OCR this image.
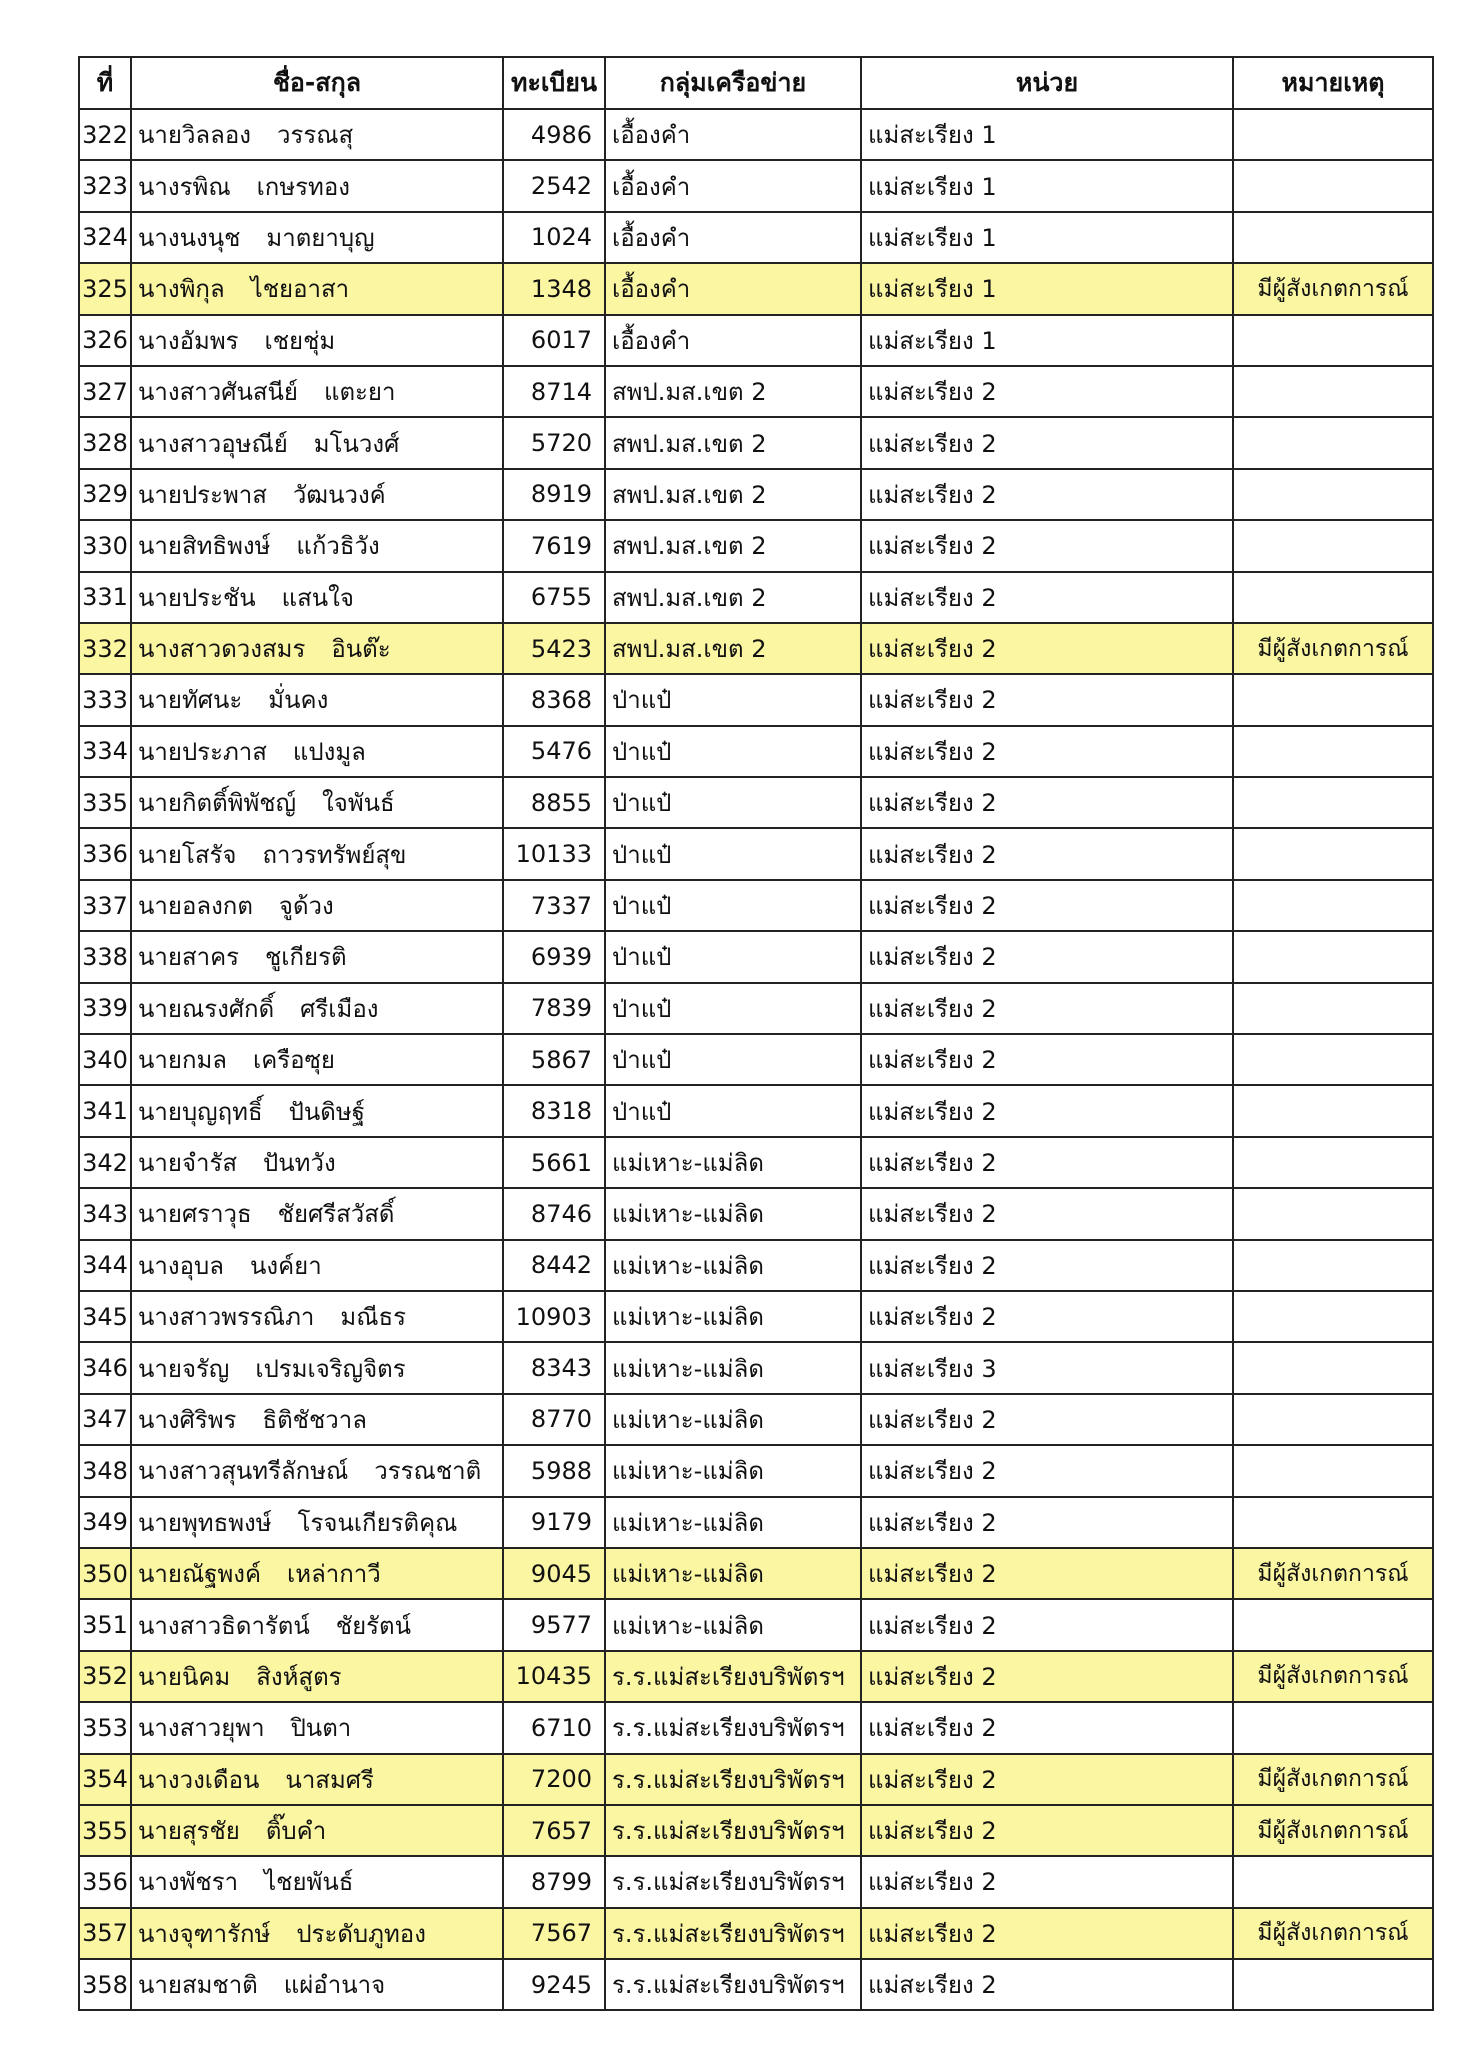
ที่	ชื่อ-สกุล	ทะเบียน	กลุ่มเครือข่าย	หน่วย	หมายเหตุ
322	นายวิลลอง วรรณสุ	4986	เอื้องคำ	แม่สะเรียง 1	
323	นางรพิณ เกษรทอง	2542	เอื้องคำ	แม่สะเรียง 1	
324	นางนงนุช มาตยาบุญ	1024	เอื้องคำ	แม่สะเรียง 1	
325	นางพิกุล ไชยอาสา	1348	เอื้องคำ	แม่สะเรียง 1	มีผู้สังเกตการณ์
326	นางอัมพร เชยชุ่ม	6017	เอื้องคำ	แม่สะเรียง 1	
327	นางสาวศันสนีย์ แตะยา	8714	สพป.มส.เขต 2	แม่สะเรียง 2	
328	นางสาวอุษณีย์ มโนวงศ์	5720	สพป.มส.เขต 2	แม่สะเรียง 2	
329	นายประพาส วัฒนวงค์	8919	สพป.มส.เขต 2	แม่สะเรียง 2	
330	นายสิทธิพงษ์ แก้วธิวัง	7619	สพป.มส.เขต 2	แม่สะเรียง 2	
331	นายประชัน แสนใจ	6755	สพป.มส.เขต 2	แม่สะเรียง 2	
332	นางสาวดวงสมร อินต๊ะ	5423	สพป.มส.เขต 2	แม่สะเรียง 2	มีผู้สังเกตการณ์
333	นายทัศนะ มั่นคง	8368	ป่าแป๋	แม่สะเรียง 2	
334	นายประภาส แปงมูล	5476	ป่าแป๋	แม่สะเรียง 2	
335	นายกิตติ์พิพัชญ์ ใจพันธ์	8855	ป่าแป๋	แม่สะเรียง 2	
336	นายโสรัจ ถาวรทรัพย์สุข	10133	ป่าแป๋	แม่สะเรียง 2	
337	นายอลงกต จูด้วง	7337	ป่าแป๋	แม่สะเรียง 2	
338	นายสาคร ชูเกียรติ	6939	ป่าแป๋	แม่สะเรียง 2	
339	นายณรงศักดิ์ ศรีเมือง	7839	ป่าแป๋	แม่สะเรียง 2	
340	นายกมล เครือซุย	5867	ป่าแป๋	แม่สะเรียง 2	
341	นายบุญฤทธิ์ ปันดิษฐ์	8318	ป่าแป๋	แม่สะเรียง 2	
342	นายจำรัส ปันทวัง	5661	แม่เหาะ-แม่ลิด	แม่สะเรียง 2	
343	นายศราวุธ ชัยศรีสวัสดิ์	8746	แม่เหาะ-แม่ลิด	แม่สะเรียง 2	
344	นางอุบล นงค์ยา	8442	แม่เหาะ-แม่ลิด	แม่สะเรียง 2	
345	นางสาวพรรณิภา มณีธร	10903	แม่เหาะ-แม่ลิด	แม่สะเรียง 2	
346	นายจรัญ เปรมเจริญจิตร	8343	แม่เหาะ-แม่ลิด	แม่สะเรียง 3	
347	นางศิริพร ธิติชัชวาล	8770	แม่เหาะ-แม่ลิด	แม่สะเรียง 2	
348	นางสาวสุนทรีลักษณ์ วรรณชาติ	5988	แม่เหาะ-แม่ลิด	แม่สะเรียง 2	
349	นายพุทธพงษ์ โรจนเกียรติคุณ	9179	แม่เหาะ-แม่ลิด	แม่สะเรียง 2	
350	นายณัฐพงค์ เหล่ากาวี	9045	แม่เหาะ-แม่ลิด	แม่สะเรียง 2	มีผู้สังเกตการณ์
351	นางสาวธิดารัตน์ ชัยรัตน์	9577	แม่เหาะ-แม่ลิด	แม่สะเรียง 2	
352	นายนิคม สิงห์สูตร	10435	ร.ร.แม่สะเรียงบริพัตรฯ	แม่สะเรียง 2	มีผู้สังเกตการณ์
353	นางสาวยุพา ปินตา	6710	ร.ร.แม่สะเรียงบริพัตรฯ	แม่สะเรียง 2	
354	นางวงเดือน นาสมศรี	7200	ร.ร.แม่สะเรียงบริพัตรฯ	แม่สะเรียง 2	มีผู้สังเกตการณ์
355	นายสุรชัย ติ๊บคำ	7657	ร.ร.แม่สะเรียงบริพัตรฯ	แม่สะเรียง 2	มีผู้สังเกตการณ์
356	นางพัชรา ไชยพันธ์	8799	ร.ร.แม่สะเรียงบริพัตรฯ	แม่สะเรียง 2	
357	นางจุฑารักษ์ ประดับภูทอง	7567	ร.ร.แม่สะเรียงบริพัตรฯ	แม่สะเรียง 2	มีผู้สังเกตการณ์
358	นายสมชาติ แผ่อำนาจ	9245	ร.ร.แม่สะเรียงบริพัตรฯ	แม่สะเรียง 2	
